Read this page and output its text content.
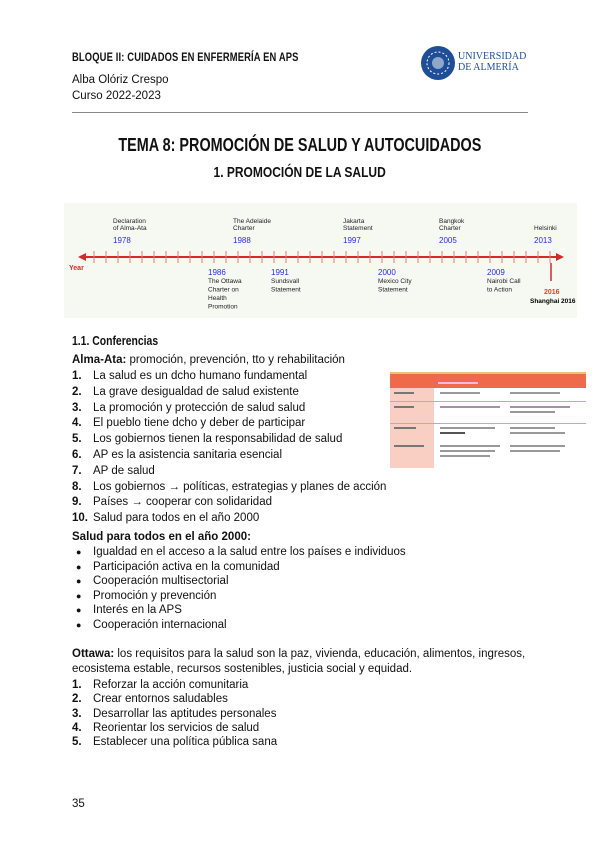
BLOQUE II: CUIDADOS EN ENFERMERÍA EN APS
Alba Olóriz Crespo
Curso 2022-2023
UNIVERSIDAD
DE ALMERÍA
TEMA 8: PROMOCIÓN DE SALUD Y AUTOCUIDADOS
1. PROMOCIÓN DE LA SALUD
Year
Declaration
of Alma-Ata
1978
The Adelaide
Charter
1988
Jakarta
Statement
1997
Bangkok
Charter
2005
Helsinki
2013
1986
The Ottawa
Charter on
Health
Promotion
1991
Sundsvall
Statement
2000
Mexico City
Statement
2009
Nairobi Call
to Action	2016
Shanghai 2016
1.1. Conferencias
Alma-Ata: promoción, prevención, tto y rehabilitación
1. La salud es un dcho humano fundamental
2. La grave desigualdad de salud existente
3. La promoción y protección de salud salud
4. El pueblo tiene dcho y deber de participar
5. Los gobiernos tienen la responsabilidad de salud
6. AP es la asistencia sanitaria esencial
7. AP de salud
8. Los gobiernos → políticas, estrategias y planes de acción
9. Países → cooperar con solidaridad
10. Salud para todos en el año 2000
Salud para todos en el año 2000:
● Igualdad en el acceso a la salud entre los países e individuos
● Participación activa en la comunidad
● Cooperación multisectorial
● Promoción y prevención
● Interés en la APS
● Cooperación internacional
Ottawa: los requisitos para la salud son la paz, vivienda, educación, alimentos, ingresos,
ecosistema estable, recursos sostenibles, justicia social y equidad.
1. Reforzar la acción comunitaria
2. Crear entornos saludables
3. Desarrollar las aptitudes personales
4. Reorientar los servicios de salud
5. Establecer una política pública sana
35
